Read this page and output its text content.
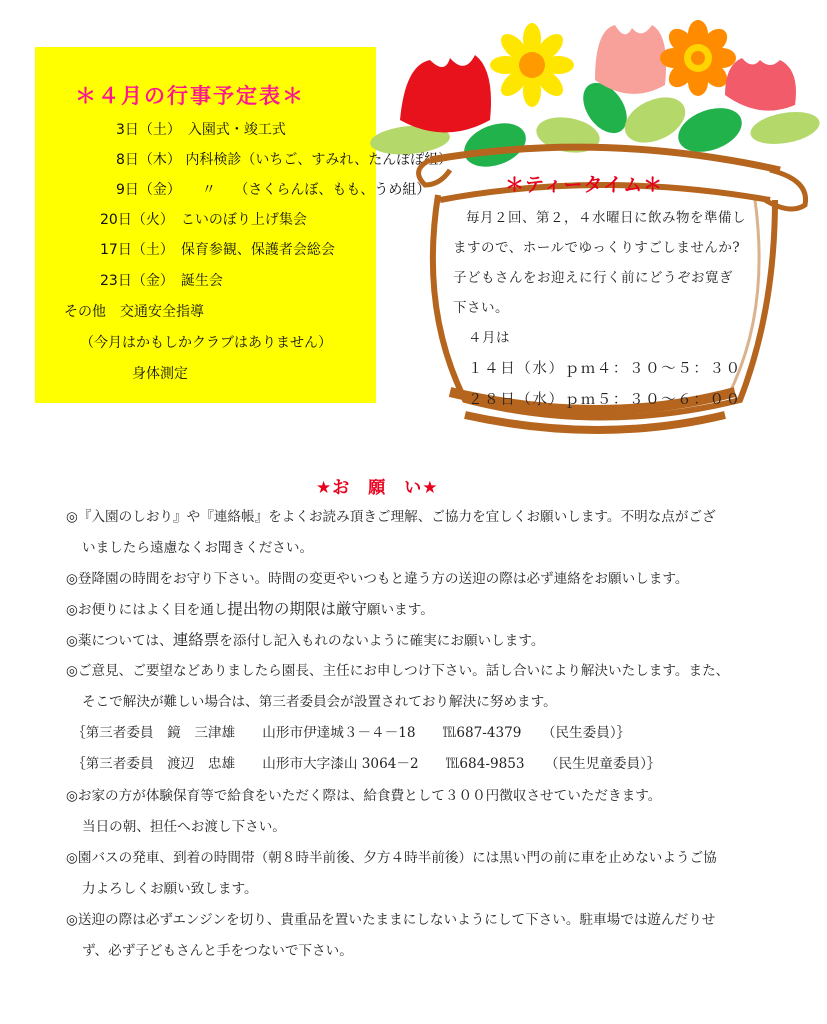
＊４月の行事予定表＊
3日（土）　入園式・竣工式
8日（木） 内科検診（いちご、すみれ、たんぽぽ組）
9日（金）　　〃　 （さくらんぼ、もも、うめ組）
20日（火）　こいのぼり上げ集会
17日（土）　保育参観、保護者会総会
23日（金）　誕生会
その他　交通安全指導
（今月はかもしかクラブはありません）
身体測定
＊ティータイム＊
毎月２回、第２，４水曜日に飲み物を準備し
ますので、ホールでゆっくりすごしませんか?
子どもさんをお迎えに行く前にどうぞお寛ぎ
下さい。
４月は
１４日（水）ｐｍ４：３０～５：３０
２８日（水）ｐｍ５：３０～６：００
★お　願　い★
◎『入園のしおり』や『連絡帳』をよくお読み頂きご理解、ご協力を宜しくお願いします。不明な点がござ
いましたら遠慮なくお聞きください。
◎登降園の時間をお守り下さい。時間の変更やいつもと違う方の送迎の際は必ず連絡をお願いします。
◎お便りにはよく目を通し提出物の期限は厳守願います。
◎薬については、連絡票を添付し記入もれのないように確実にお願いします。
◎ご意見、ご要望などありましたら園長、主任にお申しつけ下さい。話し合いにより解決いたします。また、
そこで解決が難しい場合は、第三者委員会が設置されており解決に努めます。
｛第三者委員　鏡　三津雄　　山形市伊達城３－４－18　　℡687-4379　　（民生委員）｝
｛第三者委員　渡辺　忠雄　　山形市大字漆山 3064－2　　℡684-9853　　（民生児童委員）｝
◎お家の方が体験保育等で給食をいただく際は、給食費として３００円徴収させていただきます。
当日の朝、担任へお渡し下さい。
◎園バスの発車、到着の時間帯（朝８時半前後、夕方４時半前後）には黒い門の前に車を止めないようご協
力よろしくお願い致します。
◎送迎の際は必ずエンジンを切り、貴重品を置いたままにしないようにして下さい。駐車場では遊んだりせ
ず、必ず子どもさんと手をつないで下さい。
